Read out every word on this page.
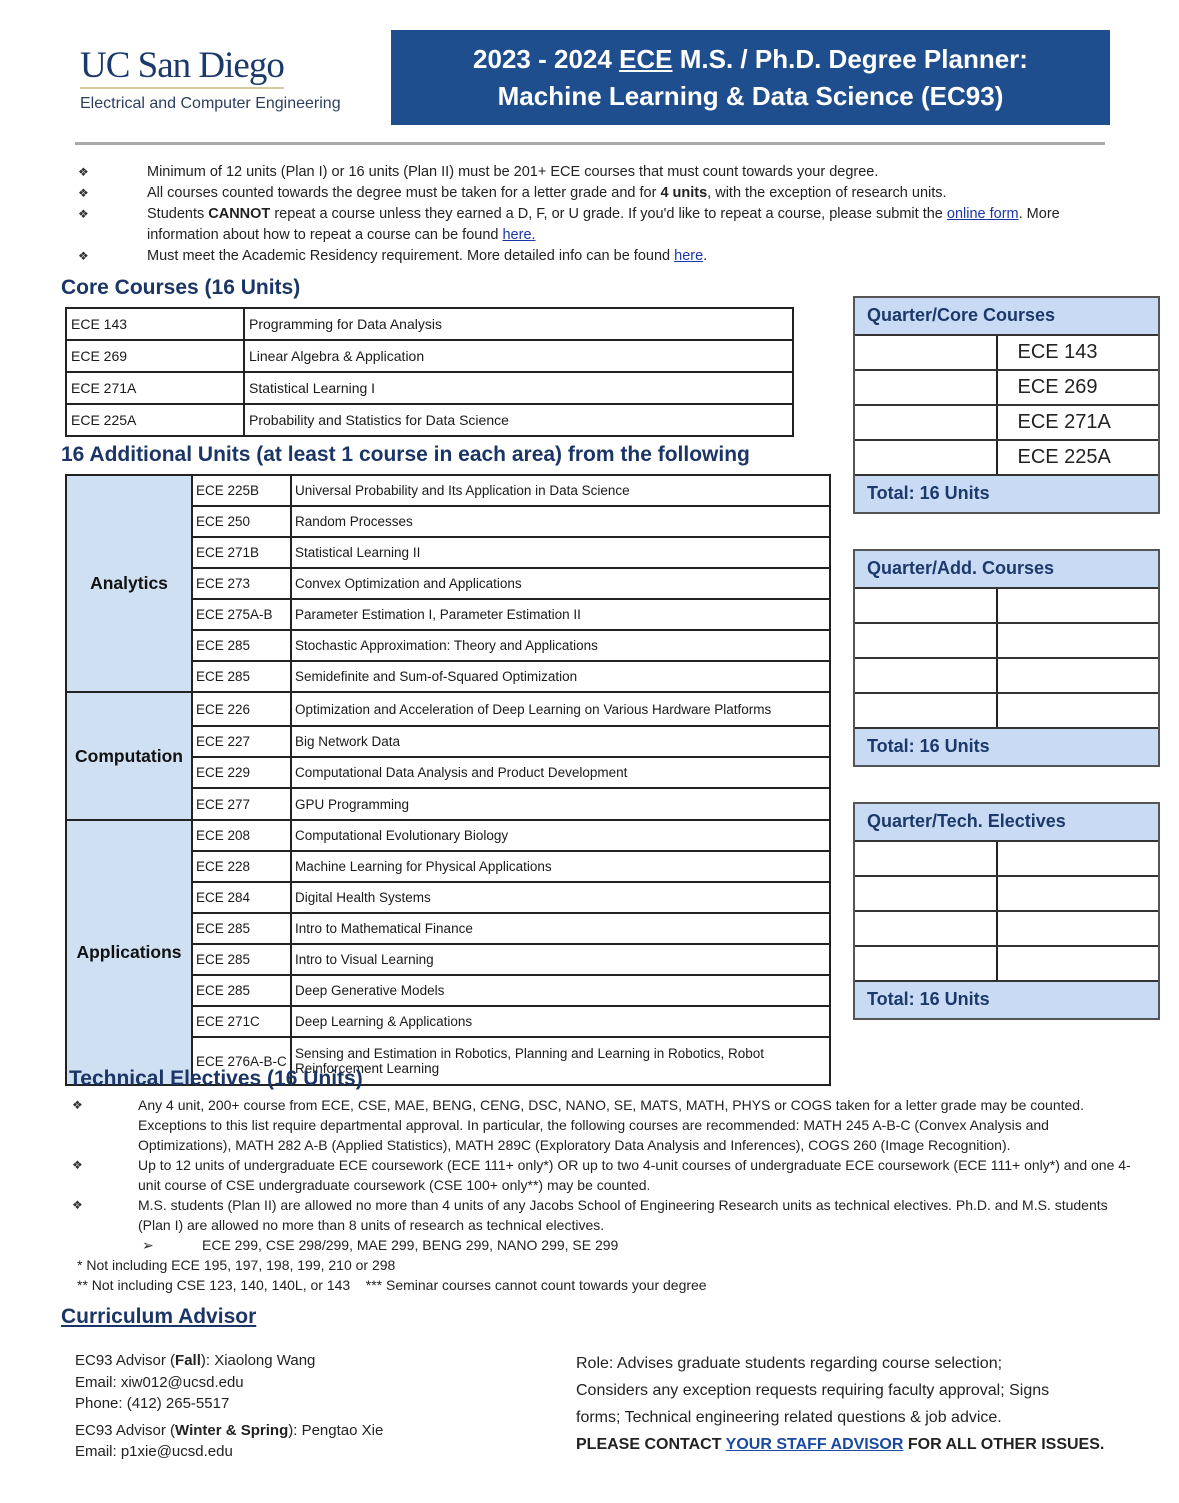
UC San Diego
Electrical and Computer Engineering
2023 - 2024 ECE M.S. / Ph.D. Degree Planner:
Machine Learning & Data Science (EC93)
❖	Minimum of 12 units (Plan I) or 16 units (Plan II) must be 201+ ECE courses that must count towards your degree.
❖	All courses counted towards the degree must be taken for a letter grade and for 4 units, with the exception of research units.
❖	Students CANNOT repeat a course unless they earned a D, F, or U grade. If you'd like to repeat a course, please submit the online form. More information about how to repeat a course can be found here.
❖	Must meet the Academic Residency requirement. More detailed info can be found here.
Core Courses (16 Units)
ECE 143	Programming for Data Analysis
ECE 269	Linear Algebra & Application
ECE 271A	Statistical Learning I
ECE 225A	Probability and Statistics for Data Science
16 Additional Units (at least 1 course in each area) from the following
Analytics	ECE 225B	Universal Probability and Its Application in Data Science
	ECE 250	Random Processes
	ECE 271B	Statistical Learning II
	ECE 273	Convex Optimization and Applications
	ECE 275A-B	Parameter Estimation I, Parameter Estimation II
	ECE 285	Stochastic Approximation: Theory and Applications
	ECE 285	Semidefinite and Sum-of-Squared Optimization
Computation	ECE 226	Optimization and Acceleration of Deep Learning on Various Hardware Platforms
	ECE 227	Big Network Data
	ECE 229	Computational Data Analysis and Product Development
	ECE 277	GPU Programming
Applications	ECE 208	Computational Evolutionary Biology
	ECE 228	Machine Learning for Physical Applications
	ECE 284	Digital Health Systems
	ECE 285	Intro to Mathematical Finance
	ECE 285	Intro to Visual Learning
	ECE 285	Deep Generative Models
	ECE 271C	Deep Learning & Applications
	ECE 276A-B-C	Sensing and Estimation in Robotics, Planning and Learning in Robotics, Robot Reinforcement Learning
Quarter/Core Courses
ECE 143
ECE 269
ECE 271A
ECE 225A
Total: 16 Units
Quarter/Add. Courses
Total: 16 Units
Quarter/Tech. Electives
Total: 16 Units
Technical Electives (16 Units)
❖	Any 4 unit, 200+ course from ECE, CSE, MAE, BENG, CENG, DSC, NANO, SE, MATS, MATH, PHYS or COGS taken for a letter grade may be counted. Exceptions to this list require departmental approval. In particular, the following courses are recommended: MATH 245 A-B-C (Convex Analysis and Optimizations), MATH 282 A-B (Applied Statistics), MATH 289C (Exploratory Data Analysis and Inferences), COGS 260 (Image Recognition).
❖	Up to 12 units of undergraduate ECE coursework (ECE 111+ only*) OR up to two 4-unit courses of undergraduate ECE coursework (ECE 111+ only*) and one 4-unit course of CSE undergraduate coursework (CSE 100+ only**) may be counted.
❖	M.S. students (Plan II) are allowed no more than 4 units of any Jacobs School of Engineering Research units as technical electives. Ph.D. and M.S. students (Plan I) are allowed no more than 8 units of research as technical electives.
➢	ECE 299, CSE 298/299, MAE 299, BENG 299, NANO 299, SE 299
* Not including ECE 195, 197, 198, 199, 210 or 298
** Not including CSE 123, 140, 140L, or 143    *** Seminar courses cannot count towards your degree
Curriculum Advisor
EC93 Advisor (Fall): Xiaolong Wang
Email: xiw012@ucsd.edu
Phone: (412) 265-5517
EC93 Advisor (Winter & Spring): Pengtao Xie
Email: p1xie@ucsd.edu
Role: Advises graduate students regarding course selection;
Considers any exception requests requiring faculty approval; Signs
forms; Technical engineering related questions & job advice.
PLEASE CONTACT YOUR STAFF ADVISOR FOR ALL OTHER ISSUES.
